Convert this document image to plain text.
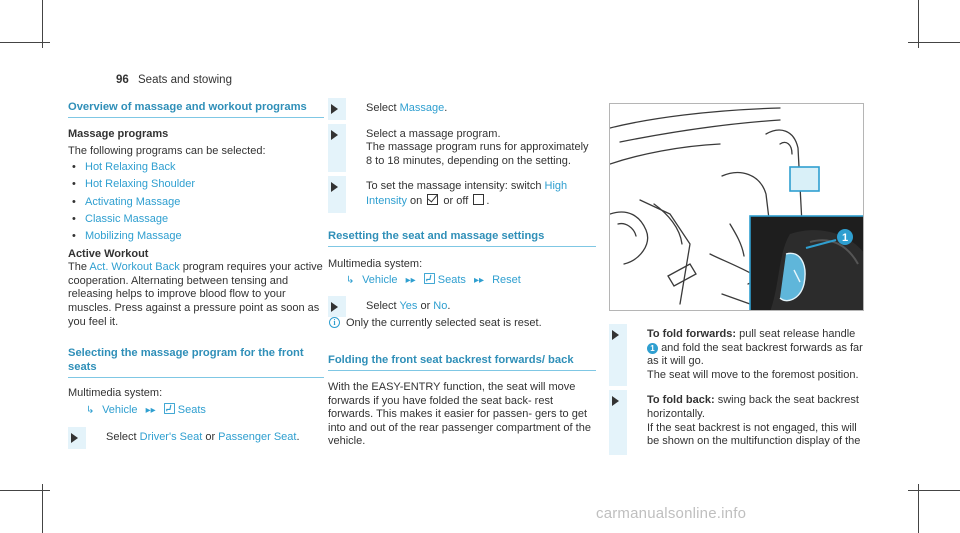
96 Seats and stowing
Overview of massage and workout programs
Massage programs
The following programs can be selected:
• Hot Relaxing Back
• Hot Relaxing Shoulder
• Activating Massage
• Classic Massage
• Mobilizing Massage
Active Workout
The Act. Workout Back program requires your active cooperation. Alternating between tensing and releasing helps to improve blood flow to your muscles. Press against a pressure point as soon as you feel it.
Selecting the massage program for the front seats
Multimedia system:
↳ Vehicle ▸▸ Seats
Select Driver's Seat or Passenger Seat.
Select Massage.
Select a massage program.
The massage program runs for approximately 8 to 18 minutes, depending on the setting.
To set the massage intensity: switch High Intensity on or off .
Resetting the seat and massage settings
Multimedia system:
↳ Vehicle ▸▸ Seats ▸▸ Reset
Select Yes or No.
i Only the currently selected seat is reset.
Folding the front seat backrest forwards/ back
With the EASY-ENTRY function, the seat will move forwards if you have folded the seat back- rest forwards. This makes it easier for passen- gers to get into and out of the rear passenger compartment of the vehicle.
1
To fold forwards: pull seat release handle
1 and fold the seat backrest forwards as far as it will go.
The seat will move to the foremost position.
To fold back: swing back the seat backrest horizontally.
If the seat backrest is not engaged, this will be shown on the multifunction display of the
carmanualsonline.info
